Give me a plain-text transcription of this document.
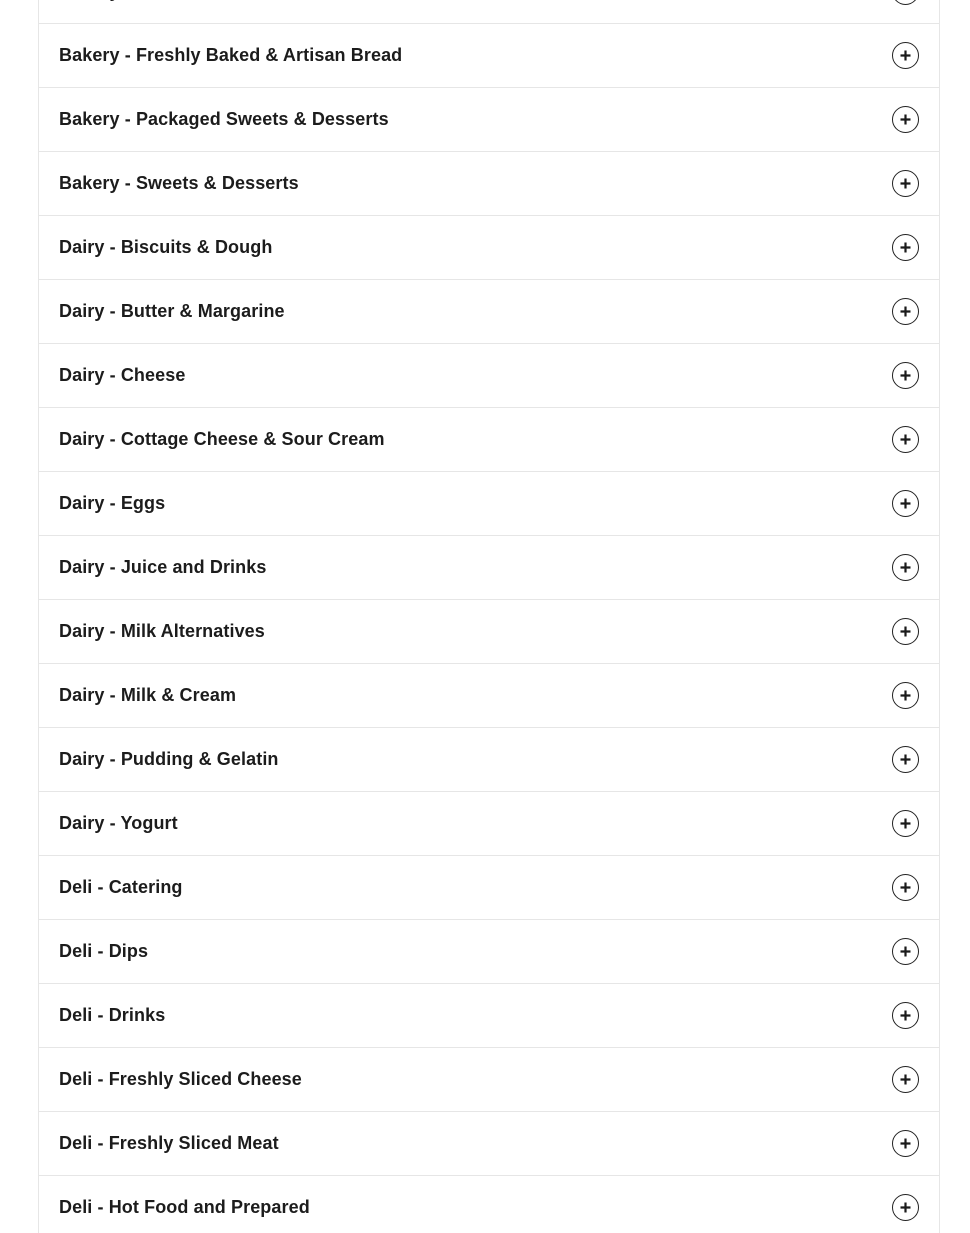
Bakery - Freshly Baked & Artisan Bread
Bakery - Packaged Sweets & Desserts
Bakery - Sweets & Desserts
Dairy - Biscuits & Dough
Dairy - Butter & Margarine
Dairy - Cheese
Dairy - Cottage Cheese & Sour Cream
Dairy - Eggs
Dairy - Juice and Drinks
Dairy - Milk Alternatives
Dairy - Milk & Cream
Dairy - Pudding & Gelatin
Dairy - Yogurt
Deli - Catering
Deli - Dips
Deli - Drinks
Deli - Freshly Sliced Cheese
Deli - Freshly Sliced Meat
Deli - Hot Food and Prepared
